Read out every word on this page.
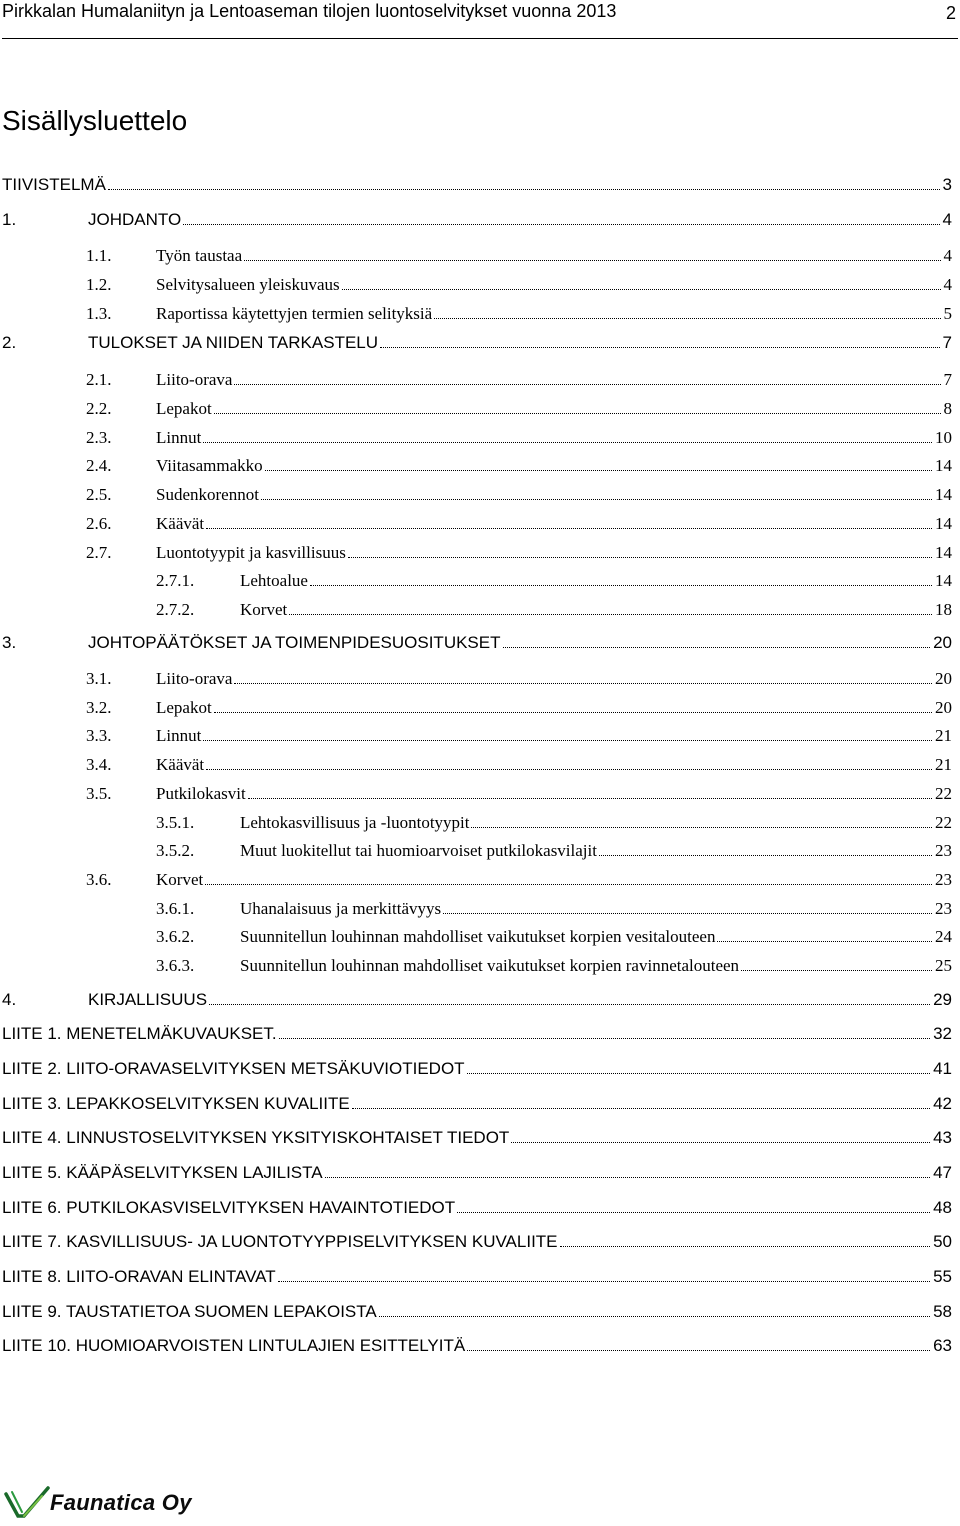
Pirkkalan Humalaniityn ja Lentoaseman tilojen luontoselvitykset vuonna 2013	2
Sisällysluettelo
TIIVISTELMÄ	3
1.	JOHDANTO	4
1.1.	Työn taustaa	4
1.2.	Selvitysalueen yleiskuvaus	4
1.3.	Raportissa käytettyjen termien selityksiä	5
2.	TULOKSET JA NIIDEN TARKASTELU	7
2.1.	Liito-orava	7
2.2.	Lepakot	8
2.3.	Linnut	10
2.4.	Viitasammakko	14
2.5.	Sudenkorennot	14
2.6.	Käävät	14
2.7.	Luontotyypit ja kasvillisuus	14
2.7.1.	Lehtoalue	14
2.7.2.	Korvet	18
3.	JOHTOPÄÄTÖKSET JA TOIMENPIDESUOSITUKSET	20
3.1.	Liito-orava	20
3.2.	Lepakot	20
3.3.	Linnut	21
3.4.	Käävät	21
3.5.	Putkilokasvit	22
3.5.1.	Lehtokasvillisuus ja -luontotyypit	22
3.5.2.	Muut luokitellut tai huomioarvoiset putkilokasvilajit	23
3.6.	Korvet	23
3.6.1.	Uhanalaisuus ja merkittävyys	23
3.6.2.	Suunnitellun louhinnan mahdolliset vaikutukset korpien vesitalouteen	24
3.6.3.	Suunnitellun louhinnan mahdolliset vaikutukset korpien ravinnetalouteen	25
4.	KIRJALLISUUS	29
LIITE 1. MENETELMÄKUVAUKSET.	32
LIITE 2. LIITO-ORAVASELVITYKSEN METSÄKUVIOTIEDOT	41
LIITE 3. LEPAKKOSELVITYKSEN KUVALIITE	42
LIITE 4. LINNUSTOSELVITYKSEN YKSITYISKOHTAISET TIEDOT	43
LIITE 5. KÄÄPÄSELVITYKSEN LAJILISTA	47
LIITE 6. PUTKILOKASVISELVITYKSEN HAVAINTOTIEDOT	48
LIITE 7. KASVILLISUUS- JA LUONTOTYYPPISELVITYKSEN KUVALIITE	50
LIITE 8. LIITO-ORAVAN ELINTAVAT	55
LIITE 9. TAUSTATIETOA SUOMEN LEPAKOISTA	58
LIITE 10. HUOMIOARVOISTEN LINTULAJIEN ESITTELYITÄ	63
Faunatica Oy
